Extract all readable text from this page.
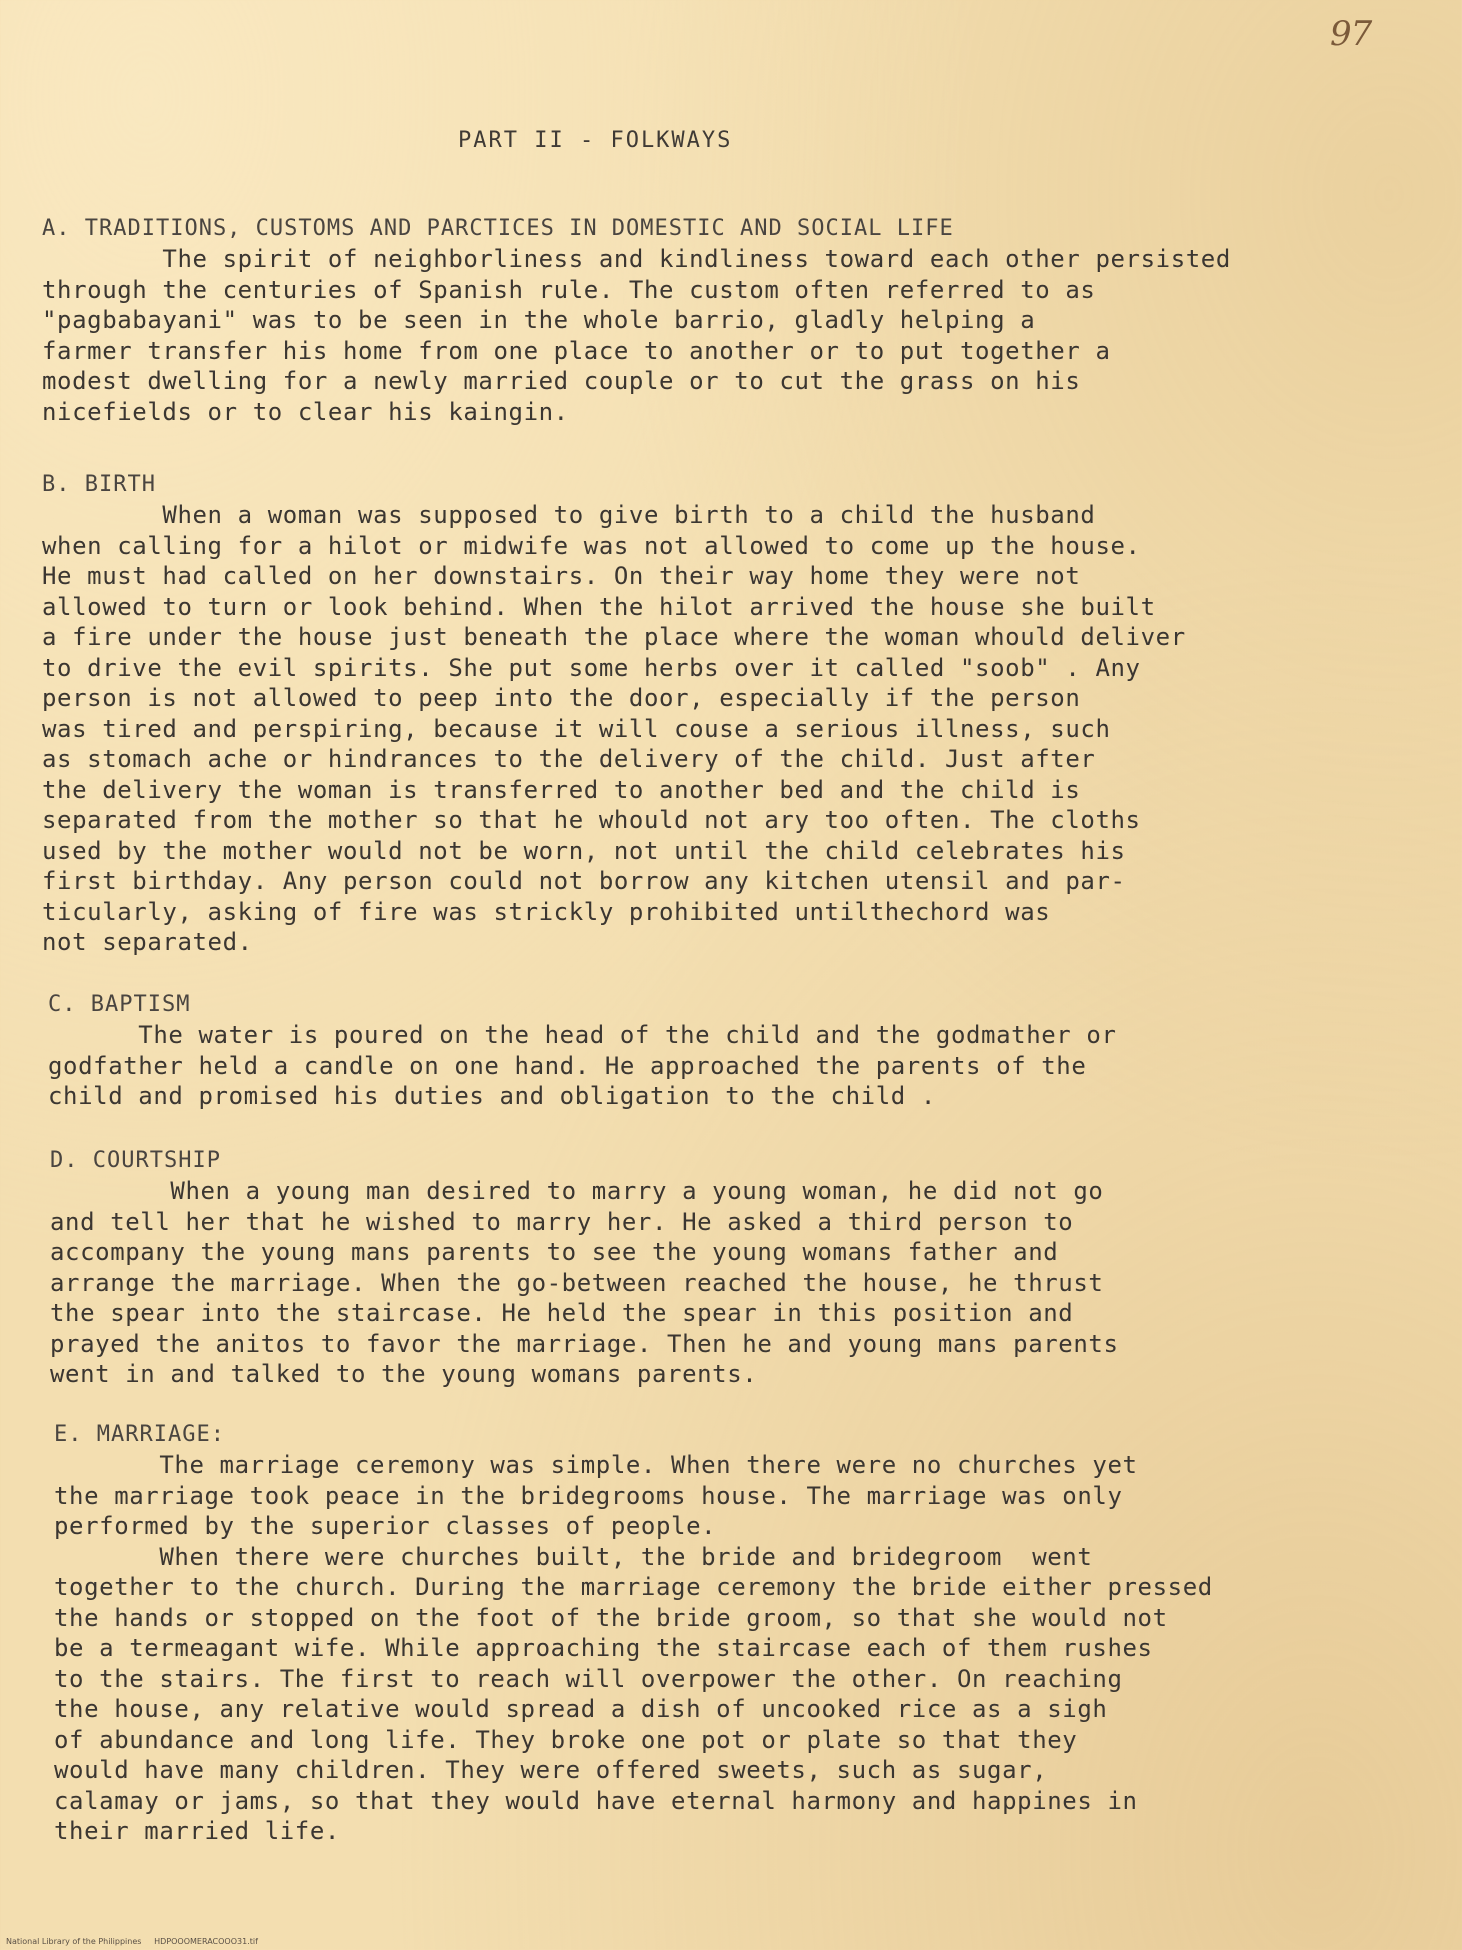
97
PART II - FOLKWAYS
A. TRADITIONS, CUSTOMS AND PARCTICES IN DOMESTIC AND SOCIAL LIFE
The spirit of neighborliness and kindliness toward each other persisted
through the centuries of Spanish rule. The custom often referred to as
"pagbabayani" was to be seen in the whole barrio, gladly helping a
farmer transfer his home from one place to another or to put together a
modest dwelling for a newly married couple or to cut the grass on his
nicefields or to clear his kaingin.
B. BIRTH
When a woman was supposed to give birth to a child the husband
when calling for a hilot or midwife was not allowed to come up the house.
He must had called on her downstairs. On their way home they were not
allowed to turn or look behind. When the hilot arrived the house she built
a fire under the house just beneath the place where the woman whould deliver
to drive the evil spirits. She put some herbs over it called "soob" . Any
person is not allowed to peep into the door, especially if the person
was tired and perspiring, because it will couse a serious illness, such
as stomach ache or hindrances to the delivery of the child. Just after
the delivery the woman is transferred to another bed and the child is
separated from the mother so that he whould not ary too often. The cloths
used by the mother would not be worn, not until the child celebrates his
first birthday. Any person could not borrow any kitchen utensil and par-
ticularly, asking of fire was strickly prohibited untilthechord was
not separated.
C. BAPTISM
The water is poured on the head of the child and the godmather or
godfather held a candle on one hand. He approached the parents of the
child and promised his duties and obligation to the child .
D. COURTSHIP
When a young man desired to marry a young woman, he did not go
and tell her that he wished to marry her. He asked a third person to
accompany the young mans parents to see the young womans father and
arrange the marriage. When the go-between reached the house, he thrust
the spear into the staircase. He held the spear in this position and
prayed the anitos to favor the marriage. Then he and young mans parents
went in and talked to the young womans parents.
E. MARRIAGE:
The marriage ceremony was simple. When there were no churches yet
the marriage took peace in the bridegrooms house. The marriage was only
performed by the superior classes of people.
When there were churches built, the bride and bridegroom  went
together to the church. During the marriage ceremony the bride either pressed
the hands or stopped on the foot of the bride groom, so that she would not
be a termeagant wife. While approaching the staircase each of them rushes
to the stairs. The first to reach will overpower the other. On reaching
the house, any relative would spread a dish of uncooked rice as a sigh
of abundance and long life. They broke one pot or plate so that they
would have many children. They were offered sweets, such as sugar,
calamay or jams, so that they would have eternal harmony and happines in
their married life.
National Library of the Philippines     HDPOOOMERACOOO31.tif
